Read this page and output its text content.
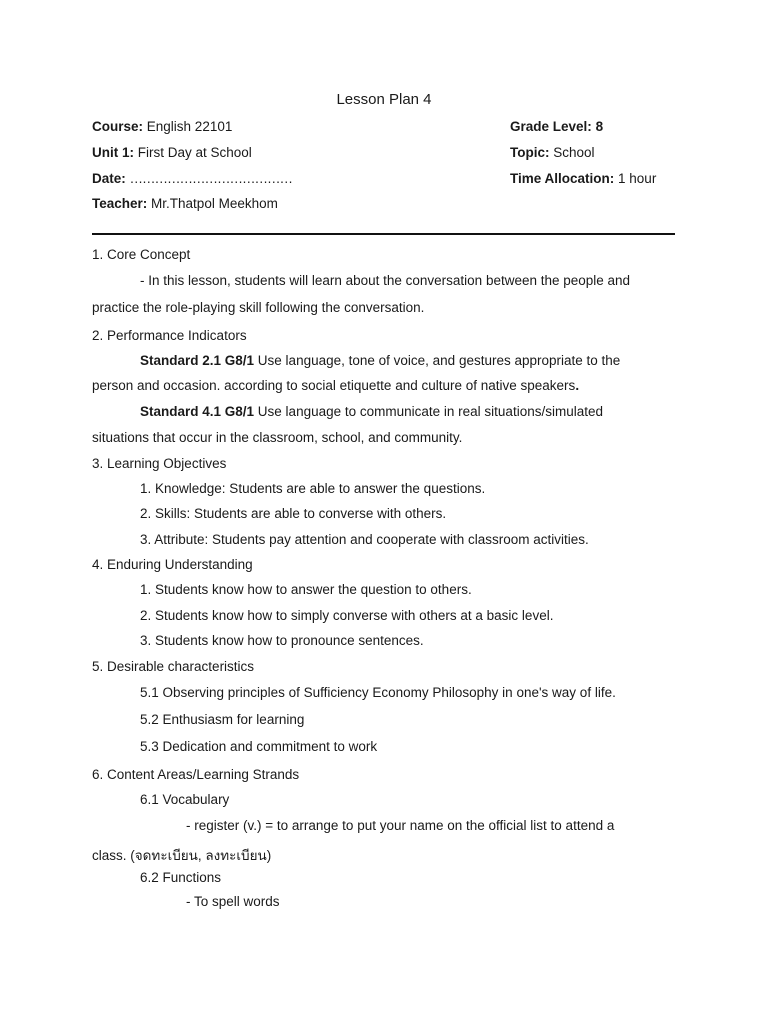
Lesson Plan 4
Course: English 22101	Grade Level: 8
Unit 1: First Day at School	Topic: School
Date: …………………………………	Time Allocation: 1 hour
Teacher: Mr.Thatpol Meekhom
1. Core Concept
- In this lesson, students will learn about the conversation between the people and
practice the role-playing skill following the conversation.
2. Performance Indicators
Standard 2.1 G8/1 Use language, tone of voice, and gestures appropriate to the
person and occasion. according to social etiquette and culture of native speakers.
Standard 4.1 G8/1 Use language to communicate in real situations/simulated
situations that occur in the classroom, school, and community.
3. Learning Objectives
1. Knowledge: Students are able to answer the questions.
2. Skills: Students are able to converse with others.
3. Attribute: Students pay attention and cooperate with classroom activities.
4. Enduring Understanding
1. Students know how to answer the question to others.
2. Students know how to simply converse with others at a basic level.
3. Students know how to pronounce sentences.
5. Desirable characteristics
5.1 Observing principles of Sufficiency Economy Philosophy in one's way of life.
5.2 Enthusiasm for learning
5.3 Dedication and commitment to work
6. Content Areas/Learning Strands
6.1 Vocabulary
- register (v.) = to arrange to put your name on the official list to attend a
class. (จดทะเบียน, ลงทะเบียน)
6.2 Functions
- To spell words
